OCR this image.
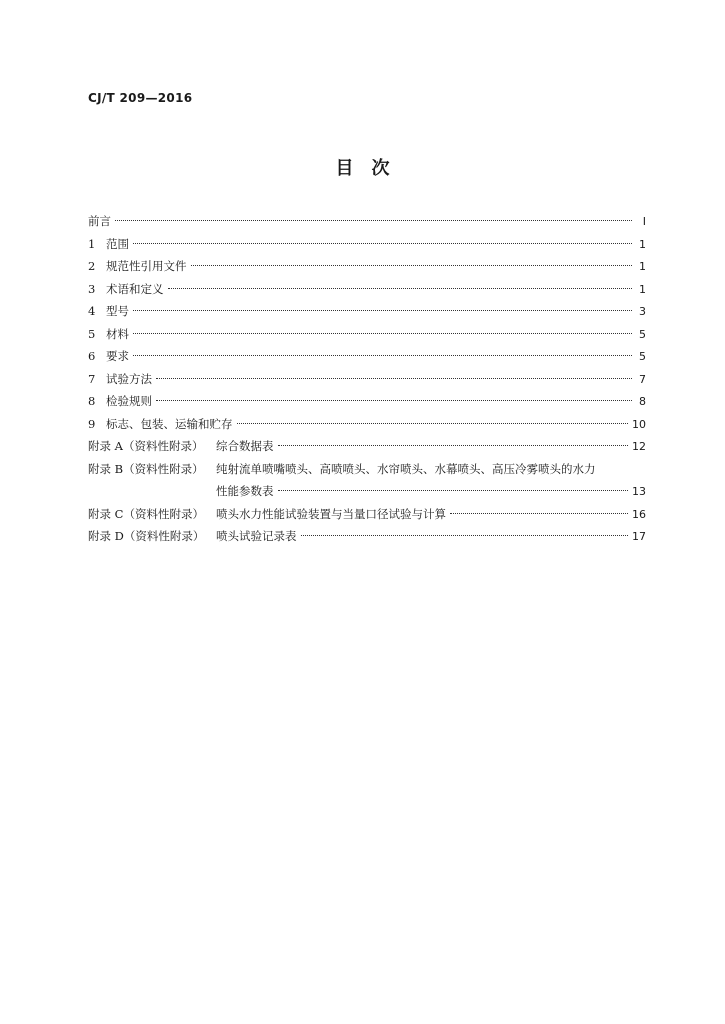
CJ/T 209—2016
目　次
前言	I
1 范围	1
2 规范性引用文件	1
3 术语和定义	1
4 型号	3
5 材料	5
6 要求	5
7 试验方法	7
8 检验规则	8
9 标志、包装、运输和贮存	10
附录 A（资料性附录）	综合数据表	12
附录 B（资料性附录）	纯射流单喷嘴喷头、高喷喷头、水帘喷头、水幕喷头、高压冷雾喷头的水力
性能参数表	13
附录 C（资料性附录）	喷头水力性能试验装置与当量口径试验与计算	16
附录 D（资料性附录）	喷头试验记录表	17
